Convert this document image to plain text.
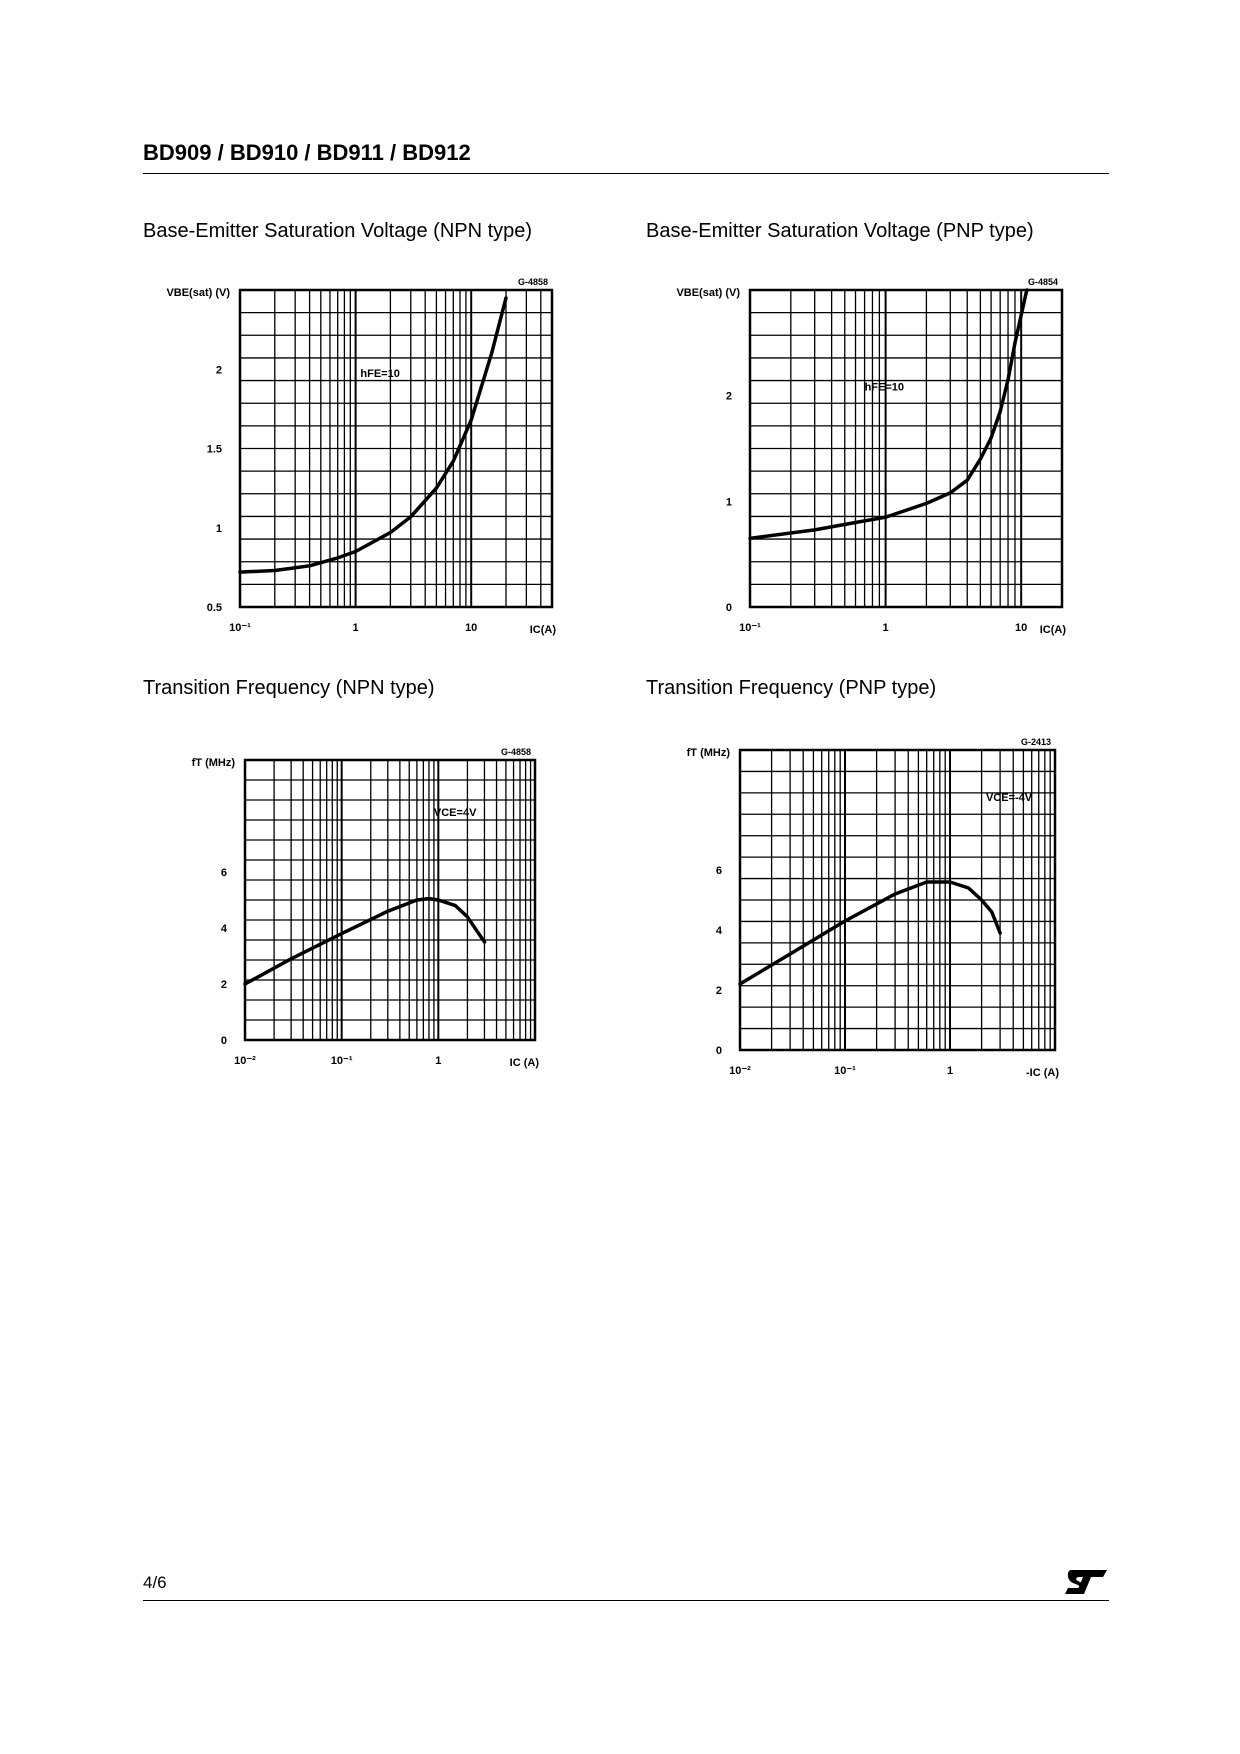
BD909 / BD910 / BD911 / BD912
Base-Emitter Saturation Voltage (NPN type)
0.5
1
1.5
2
10⁻¹	1	10
VBE(sat) (V)
IC(A)
G-4858
hFE=10
Base-Emitter Saturation Voltage (PNP type)
0
1
2
10⁻¹	1	10
VBE(sat) (V)
IC(A)
G-4854
hFE=10
Transition Frequency (NPN type)
0
2
4
6
10⁻²	10⁻¹	1
fT (MHz)
IC (A)
G-4858
VCE=4V
Transition Frequency (PNP type)
0
2
4
6
10⁻²	10⁻¹	1
fT (MHz)
-IC (A)
G-2413
VCE=-4V
4/6
